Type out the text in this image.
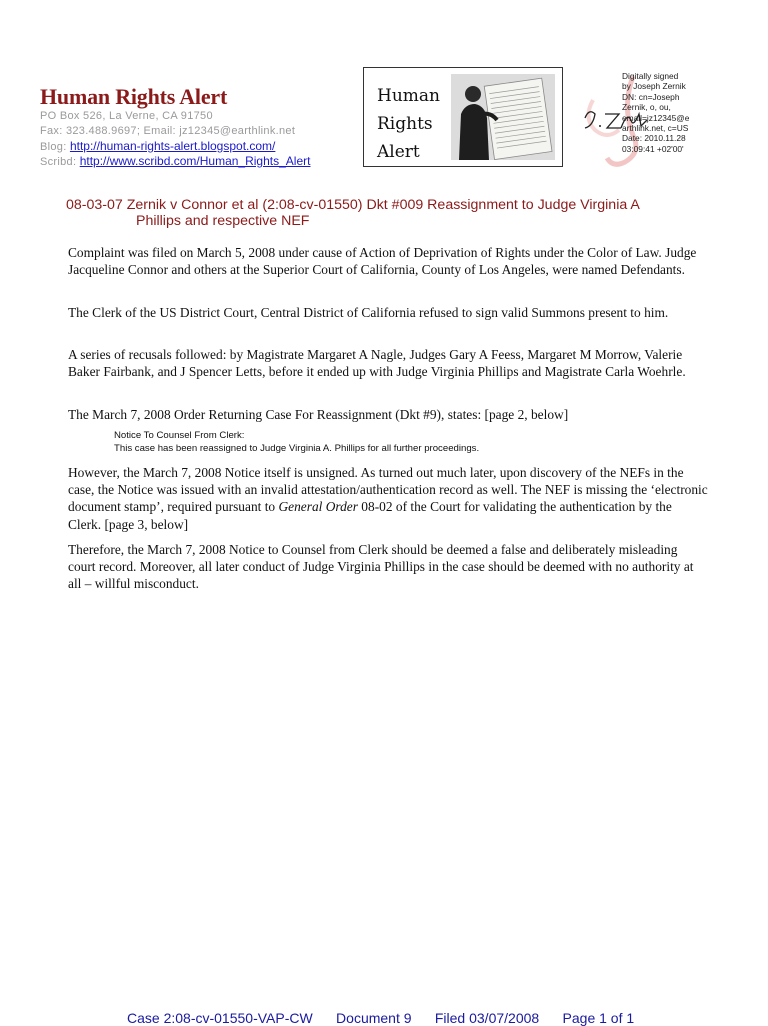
Human Rights Alert
PO Box 526, La Verne, CA 91750
Fax: 323.488.9697; Email: jz12345@earthlink.net
Blog: http://human-rights-alert.blogspot.com/
Scribd: http://www.scribd.com/Human_Rights_Alert
Human
Rights
Alert
Digitally signed
by Joseph Zernik
DN: cn=Joseph
Zernik, o, ou,
email=jz12345@e
arthlink.net, c=US
Date: 2010.11.28
03:09:41 +02'00'
08-03-07 Zernik v Connor et al (2:08-cv-01550) Dkt #009 Reassignment to Judge Virginia A
Phillips and respective NEF
Complaint was filed on March 5, 2008 under cause of Action of Deprivation of Rights under the Color of Law. Judge Jacqueline Connor and others at the Superior Court of California, County of Los Angeles, were named Defendants.
The Clerk of the US District Court, Central District of California refused to sign valid Summons present to him.
A series of recusals followed: by Magistrate Margaret A Nagle, Judges Gary A Feess, Margaret M Morrow, Valerie Baker Fairbank, and J Spencer Letts, before it ended up with Judge Virginia Phillips and Magistrate Carla Woehrle.
The March 7, 2008 Order Returning Case For Reassignment (Dkt #9), states: [page 2, below]
Notice To Counsel From Clerk:
This case has been reassigned to Judge Virginia A. Phillips for all further proceedings.
However, the March 7, 2008 Notice itself is unsigned. As turned out much later, upon discovery of the NEFs in the case, the Notice was issued with an invalid attestation/authentication record as well. The NEF is missing the ‘electronic document stamp’, required pursuant to General Order 08-02 of the Court for validating the authentication by the Clerk. [page 3, below]
Therefore, the March 7, 2008 Notice to Counsel from Clerk should be deemed a false and deliberately misleading court record. Moreover, all later conduct of Judge Virginia Phillips in the case should be deemed with no authority at all – willful misconduct.
Case 2:08-cv-01550-VAP-CW Document 9 Filed 03/07/2008 Page 1 of 1
